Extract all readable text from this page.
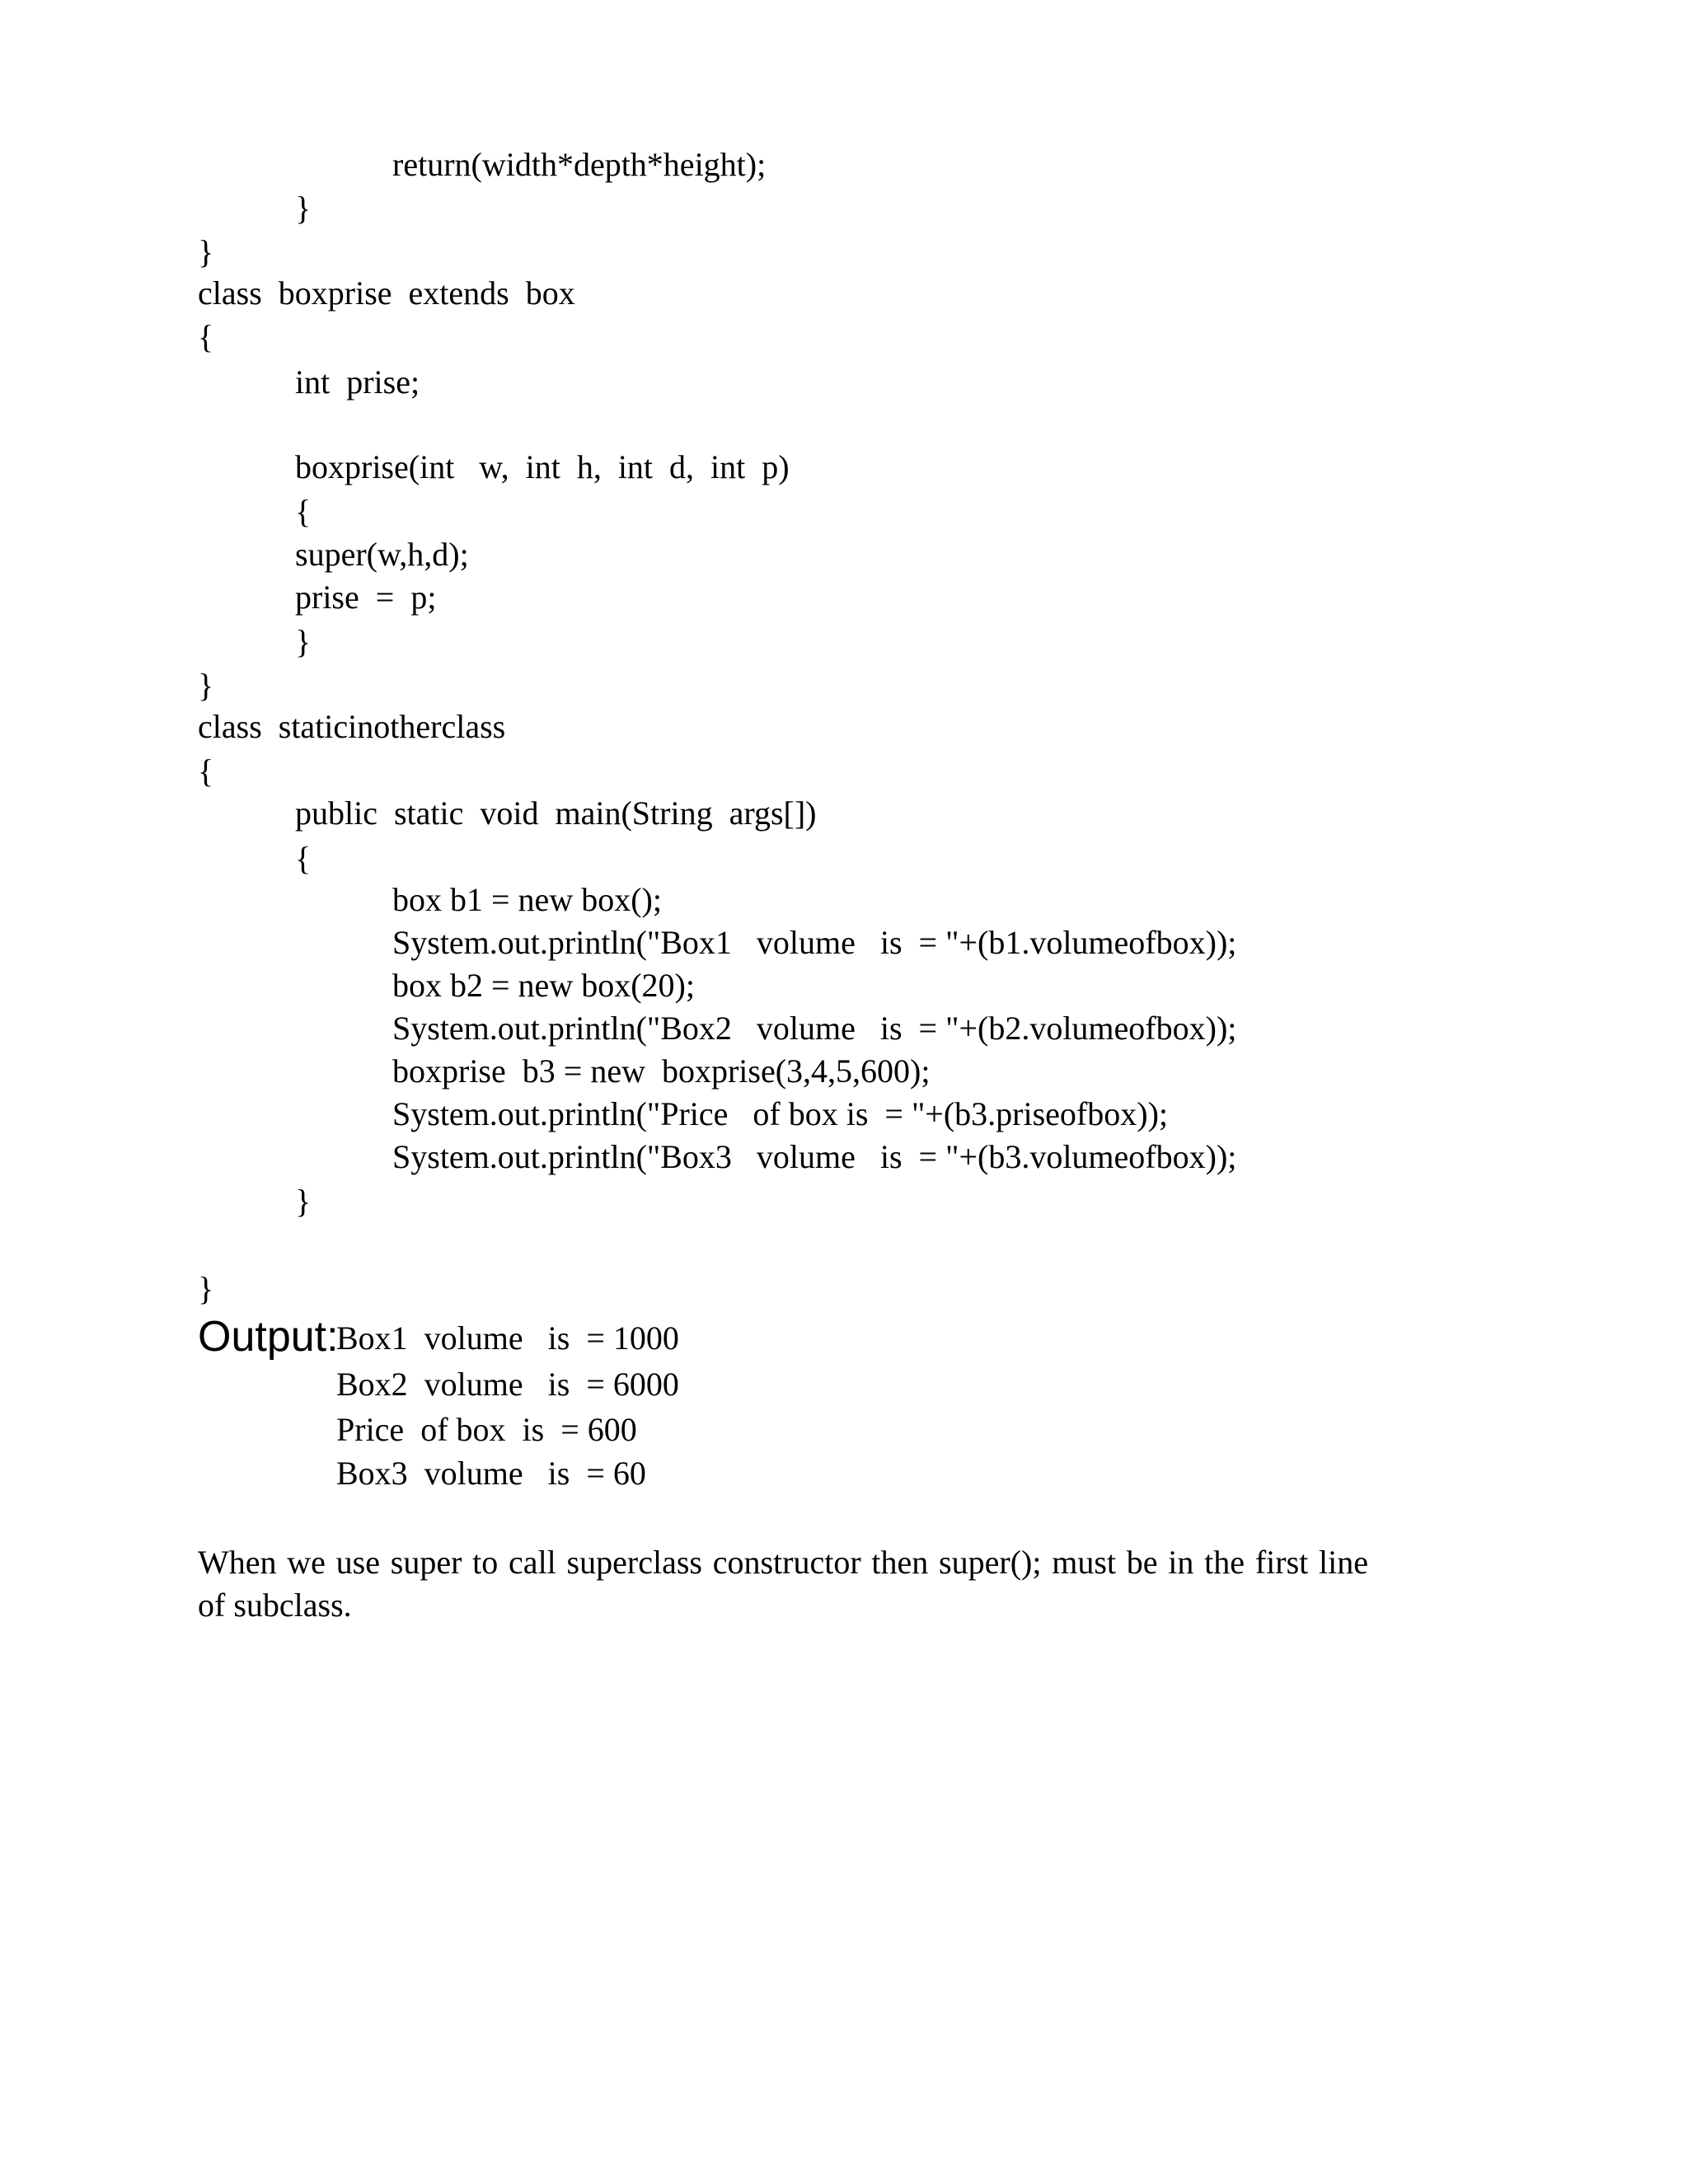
return(width*depth*height);
}
}
class  boxprise  extends  box
{
int  prise;
boxprise(int   w,  int  h,  int  d,  int  p)
{
super(w,h,d);
prise  =  p;
}
}
class  staticinotherclass
{
public  static  void  main(String  args[])
{
box b1 = new box();
System.out.println("Box1   volume   is  = "+(b1.volumeofbox));
box b2 = new box(20);
System.out.println("Box2   volume   is  = "+(b2.volumeofbox));
boxprise  b3 = new  boxprise(3,4,5,600);
System.out.println("Price   of box is  = "+(b3.priseofbox));
System.out.println("Box3   volume   is  = "+(b3.volumeofbox));
}
}
Output:
Box1  volume   is  = 1000
Box2  volume   is  = 6000
Price  of box  is  = 600
Box3  volume   is  = 60

When we use super to call superclass constructor then super(); must be in the first line of subclass.
